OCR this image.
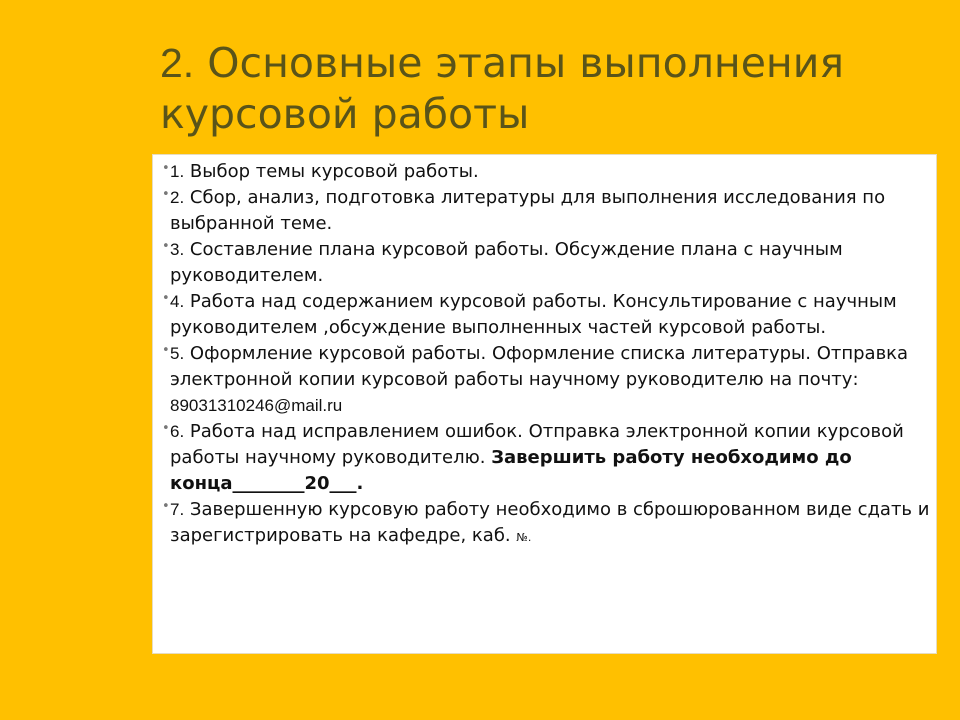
2. Основные этапы выполнения курсовой работы
• 1. Выбор темы курсовой работы.
• 2. Сбор, анализ, подготовка литературы для выполнения исследования по выбранной теме.
• 3. Составление плана курсовой работы. Обсуждение плана с научным руководителем.
• 4. Работа над содержанием курсовой работы. Консультирование с научным руководителем ,обсуждение выполненных частей курсовой работы.
• 5. Оформление курсовой работы. Оформление списка литературы. Отправка электронной копии курсовой работы научному руководителю на почту: 89031310246@mail.ru
• 6. Работа над исправлением ошибок. Отправка электронной копии курсовой работы научному руководителю. Завершить работу необходимо до конца________20___.
• 7. Завершенную курсовую работу необходимо в сброшюрованном виде сдать и зарегистрировать на кафедре, каб. №.
